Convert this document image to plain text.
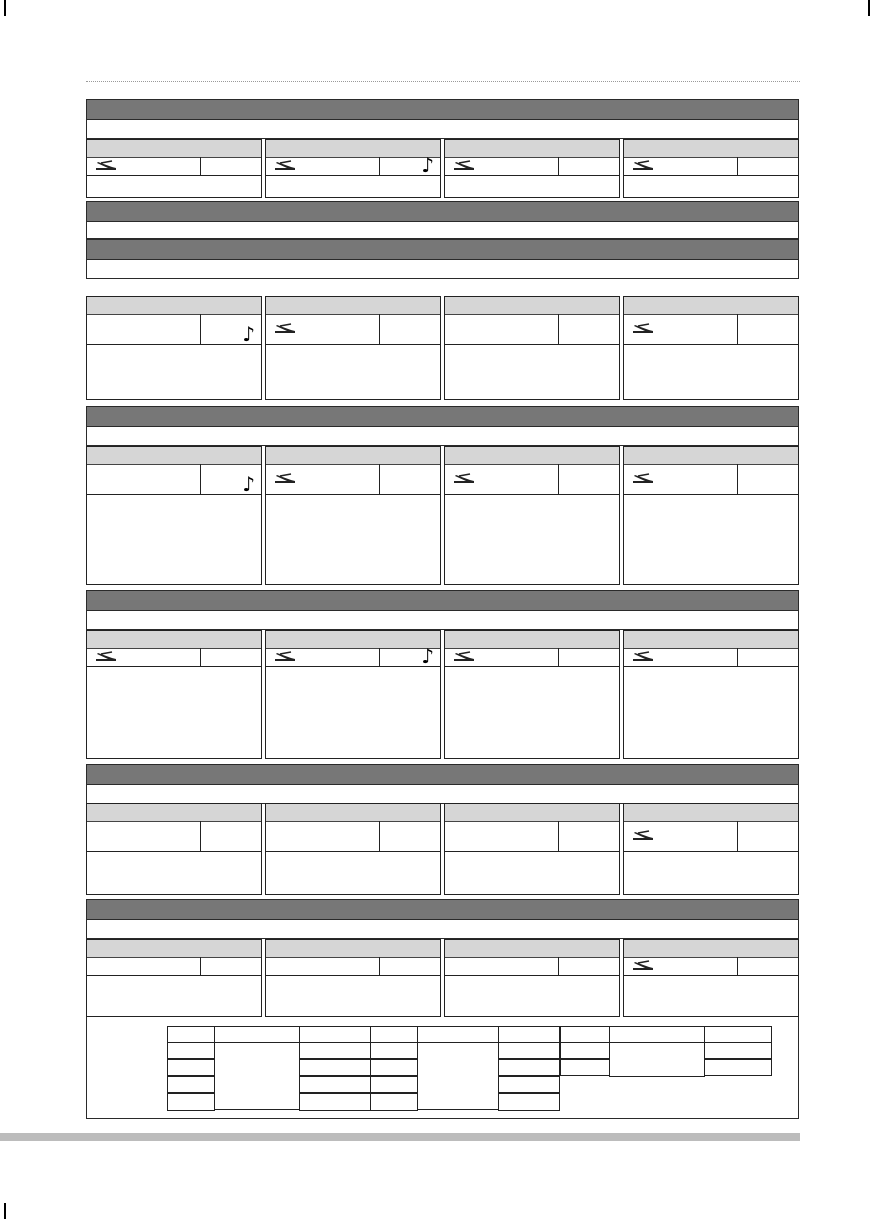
♪
♪
♪
♪
